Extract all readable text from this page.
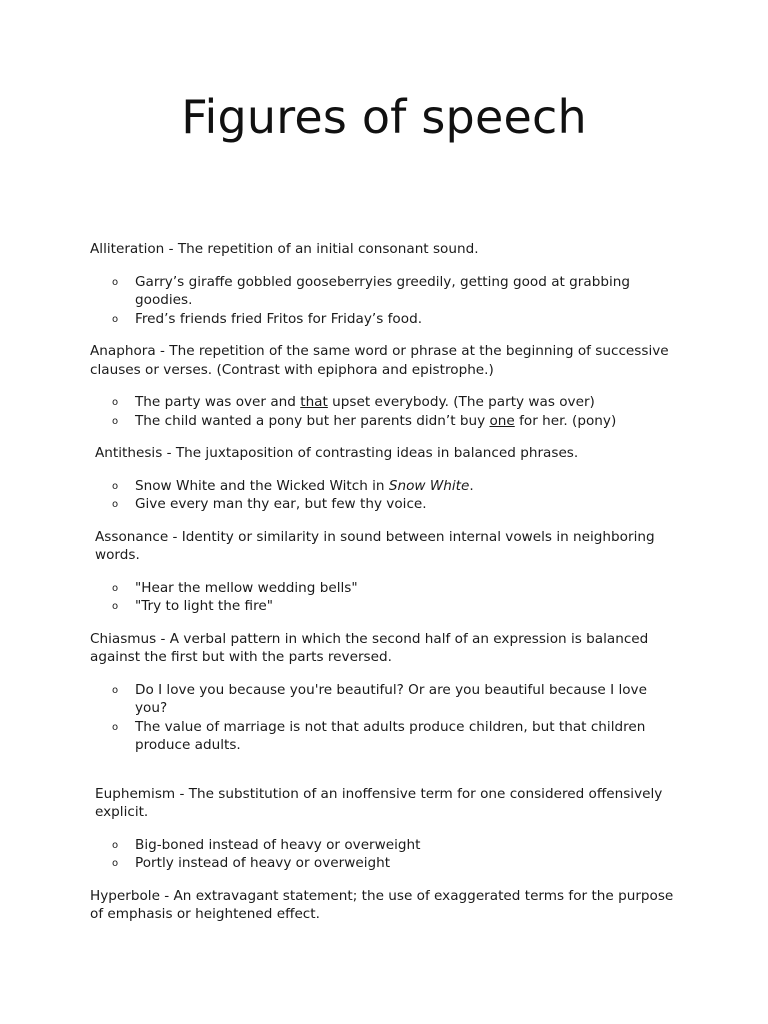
Figures of speech

Alliteration - The repetition of an initial consonant sound.

o Garry’s giraffe gobbled gooseberryies greedily, getting good at grabbing goodies.
o Fred’s friends fried Fritos for Friday’s food.

Anaphora - The repetition of the same word or phrase at the beginning of successive clauses or verses. (Contrast with epiphora and epistrophe.)

o The party was over and that upset everybody. (The party was over)
o The child wanted a pony but her parents didn’t buy one for her. (pony)

Antithesis - The juxtaposition of contrasting ideas in balanced phrases.

o Snow White and the Wicked Witch in Snow White.
o Give every man thy ear, but few thy voice.

Assonance - Identity or similarity in sound between internal vowels in neighboring words.

o "Hear the mellow wedding bells"
o "Try to light the fire"

Chiasmus - A verbal pattern in which the second half of an expression is balanced against the first but with the parts reversed.

o Do I love you because you're beautiful? Or are you beautiful because I love you?
o The value of marriage is not that adults produce children, but that children produce adults.

Euphemism - The substitution of an inoffensive term for one considered offensively explicit.

o Big-boned instead of heavy or overweight
o Portly instead of heavy or overweight

Hyperbole - An extravagant statement; the use of exaggerated terms for the purpose of emphasis or heightened effect.
